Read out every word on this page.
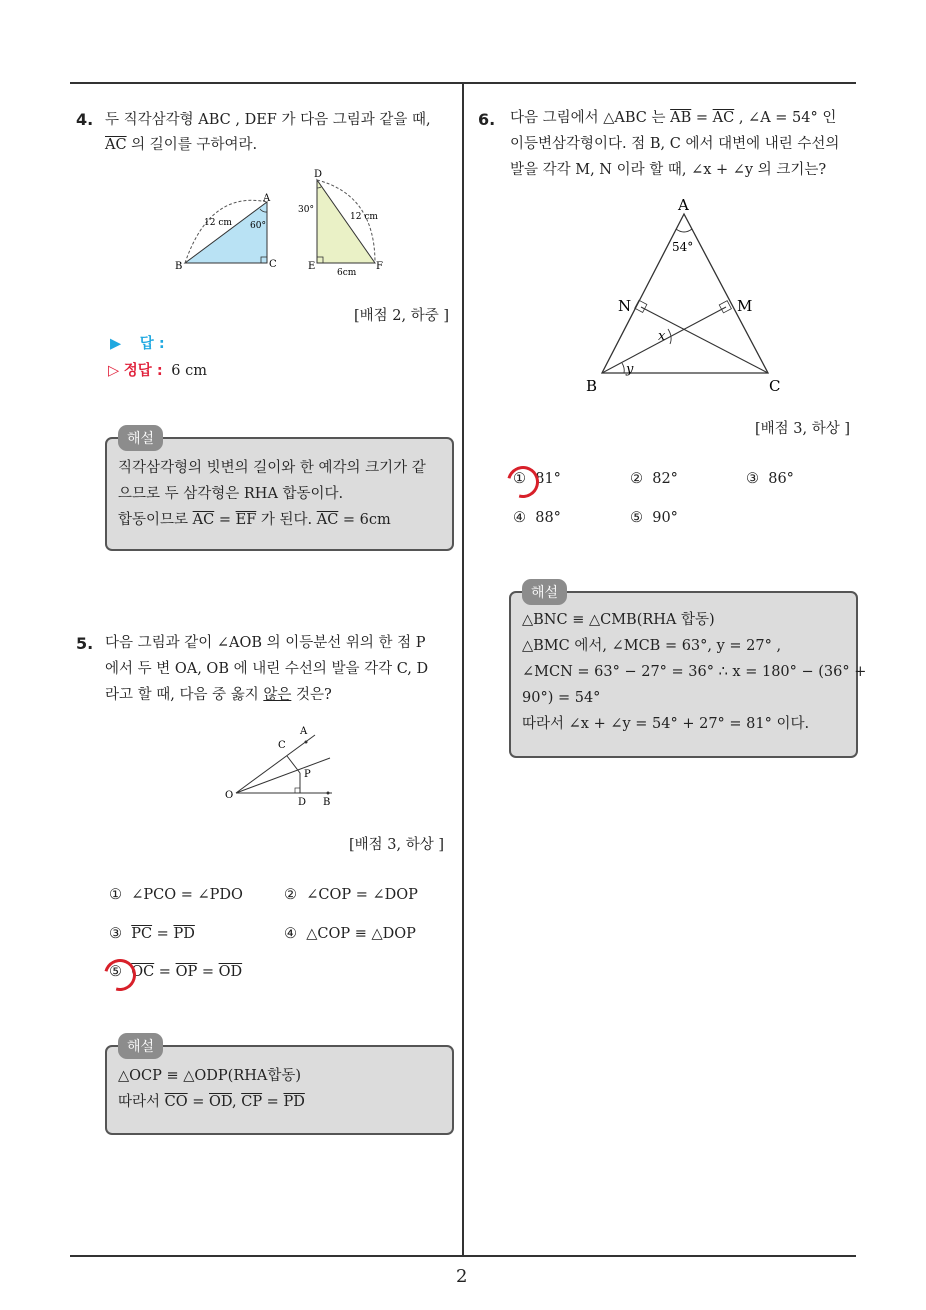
2
4. 두 직각삼각형 ABC , DEF 가 다음 그림과 같을 때,
$\overline{AC}$ 의 길이를 구하여라.
A
B	C
12 cm 60°
D
E	F
30°
12 cm
6cm
[배점 2, 하중 ]
▶ 답 :
▷ 정답 : 6 cm
해설
직각삼각형의 빗변의 길이와 한 예각의 크기가 같
으므로 두 삼각형은 RHA 합동이다.
합동이므로 $\overline{AC} = \overline{EF}$ 가 된다. $\overline{AC} = 6cm$
5. 다음 그림과 같이 ∠AOB 의 이등분선 위의 한 점 P
에서 두 변 OA, OB 에 내린 수선의 발을 각각 C, D
라고 할 때, 다음 중 옳지 않은 것은?
A
C
P
O
D B
[배점 3, 하상 ]
① ∠PCO = ∠PDO	② ∠COP = ∠DOP
③ $\overline{PC} = \overline{PD}$	④ △COP ≡ △DOP
⑤ $\overline{OC} = \overline{OP} = \overline{OD}$
해설
△OCP ≡ △ODP(RHA합동)
따라서 $\overline{CO} = \overline{OD}$, $\overline{CP} = \overline{PD}$
6. 다음 그림에서 △ABC 는 $\overline{AB} = \overline{AC}$ , ∠A = 54° 인
이등변삼각형이다. 점 B, C 에서 대변에 내린 수선의
발을 각각 M, N 이라 할 때, ∠x + ∠y 의 크기는?
A
B	C
N	M
54°
x
y
[배점 3, 하상 ]
① 81°	② 82°	③ 86°
④ 88°	⑤ 90°
해설
△BNC ≡ △CMB(RHA 합동)
△BMC 에서, ∠MCB = 63°, y = 27° ,
∠MCN = 63° − 27° = 36° ∴ x = 180° − (36° +
90°) = 54°
따라서 ∠x + ∠y = 54° + 27° = 81° 이다.
